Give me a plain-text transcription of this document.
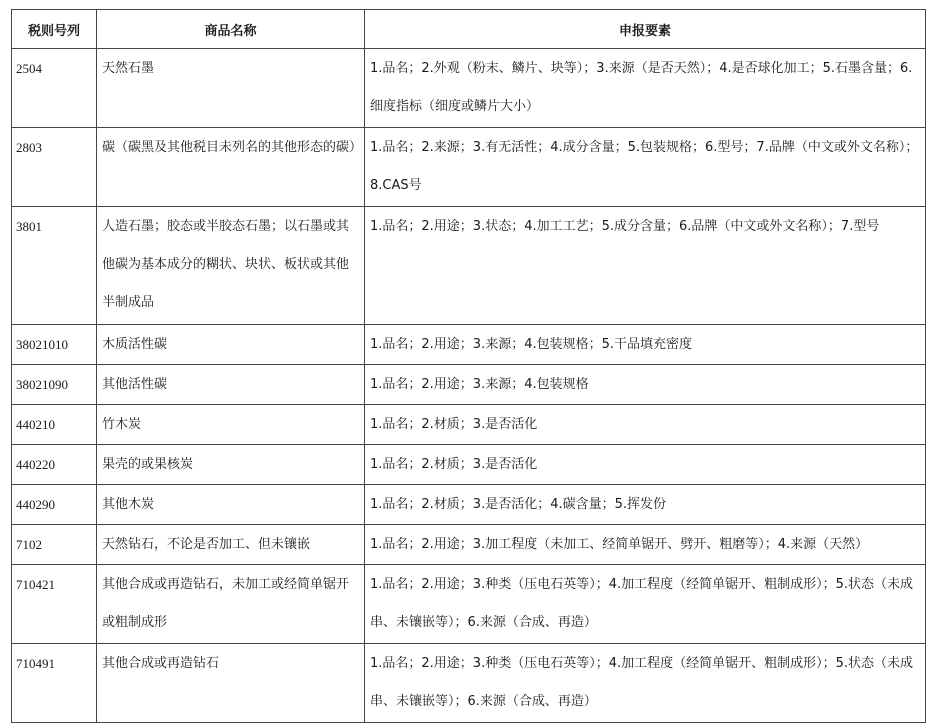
税则号列	商品名称	申报要素
2504	天然石墨	1.品名；2.外观（粉末、鳞片、块等）；3.来源（是否天然）；4.是否球化加工；5.石墨含量；6.细度指标（细度或鳞片大小）
2803	碳（碳黑及其他税目未列名的其他形态的碳）	1.品名；2.来源；3.有无活性；4.成分含量；5.包装规格；6.型号；7.品牌（中文或外文名称）；8.CAS号
3801	人造石墨；胶态或半胶态石墨；以石墨或其他碳为基本成分的糊状、块状、板状或其他半制成品	1.品名；2.用途；3.状态；4.加工工艺；5.成分含量；6.品牌（中文或外文名称）；7.型号
38021010	木质活性碳	1.品名；2.用途；3.来源；4.包装规格；5.干品填充密度
38021090	其他活性碳	1.品名；2.用途；3.来源；4.包装规格
440210	竹木炭	1.品名；2.材质；3.是否活化
440220	果壳的或果核炭	1.品名；2.材质；3.是否活化
440290	其他木炭	1.品名；2.材质；3.是否活化；4.碳含量；5.挥发份
7102	天然钻石，不论是否加工、但未镶嵌	1.品名；2.用途；3.加工程度（未加工、经简单锯开、劈开、粗磨等）；4.来源（天然）
710421	其他合成或再造钻石，未加工或经简单锯开或粗制成形	1.品名；2.用途；3.种类（压电石英等）；4.加工程度（经简单锯开、粗制成形）；5.状态（未成串、未镶嵌等）；6.来源（合成、再造）
710491	其他合成或再造钻石	1.品名；2.用途；3.种类（压电石英等）；4.加工程度（经简单锯开、粗制成形）；5.状态（未成串、未镶嵌等）；6.来源（合成、再造）
